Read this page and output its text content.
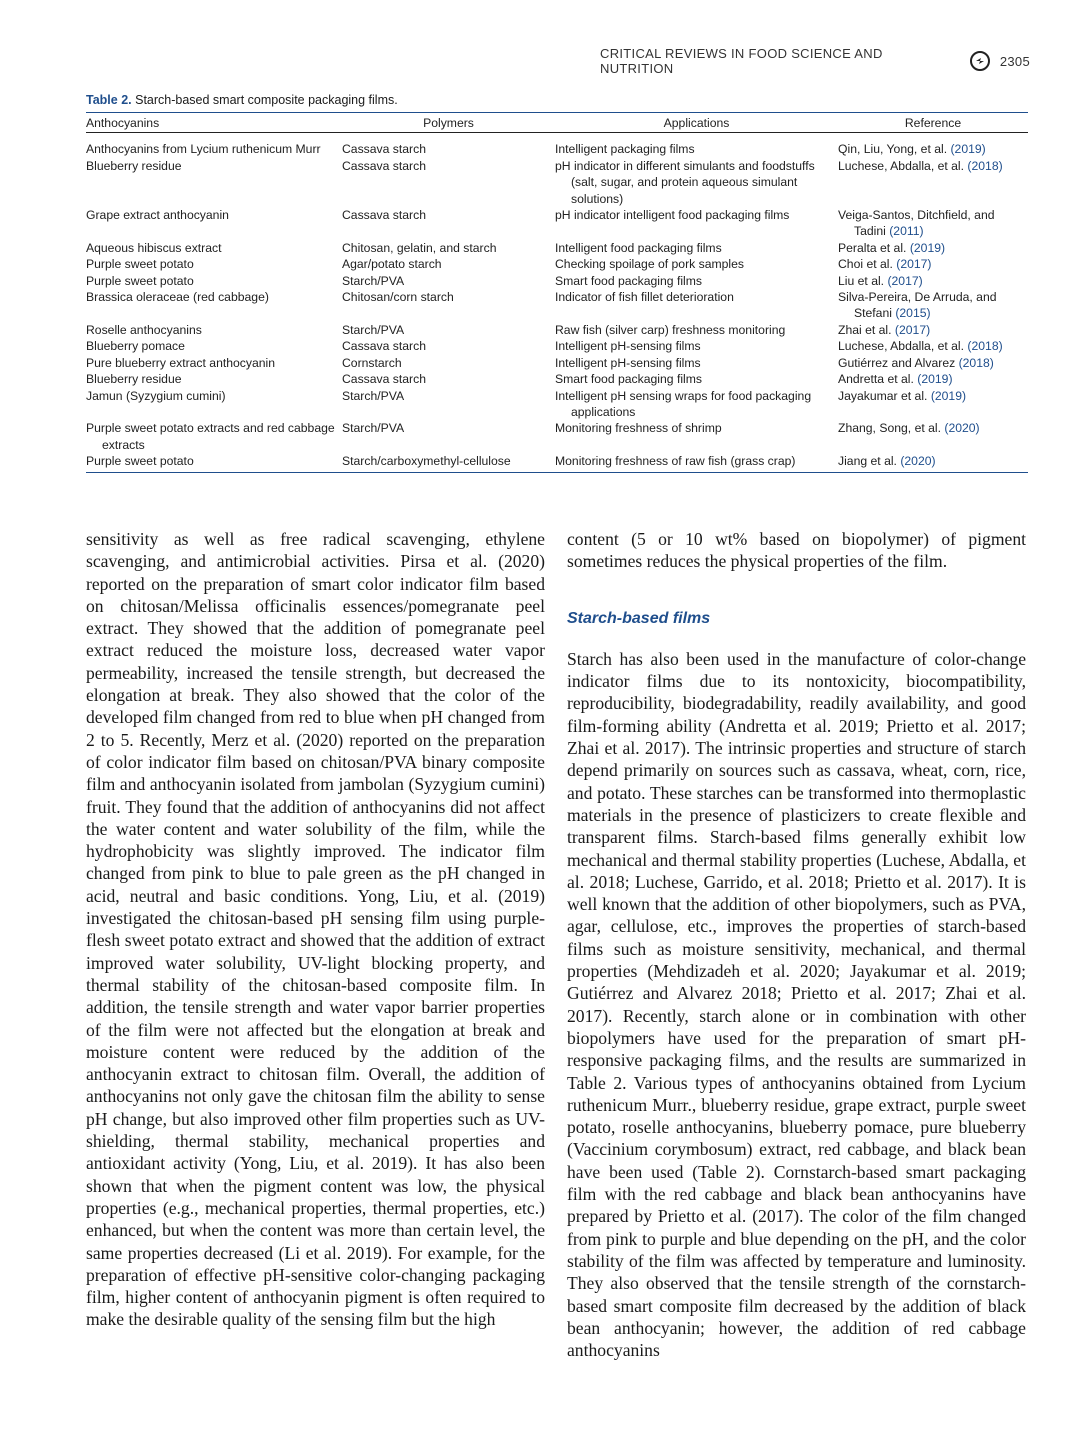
CRITICAL REVIEWS IN FOOD SCIENCE AND NUTRITION	2305
Table 2. Starch-based smart composite packaging films.
Anthocyanins	Polymers	Applications	Reference

Anthocyanins from Lycium ruthenicum Murr	Cassava starch	Intelligent packaging films	Qin, Liu, Yong, et al. (2019)

Blueberry residue	Cassava starch	pH indicator in different simulants and foodstuffs (salt, sugar, and protein aqueous simulant solutions)	Luchese, Abdalla, et al. (2018)

Grape extract anthocyanin	Cassava starch	pH indicator intelligent food packaging films	Veiga-Santos, Ditchfield, and Tadini (2011)

Aqueous hibiscus extract	Chitosan, gelatin, and starch	Intelligent food packaging films	Peralta et al. (2019)

Purple sweet potato	Agar/potato starch	Checking spoilage of pork samples	Choi et al. (2017)

Purple sweet potato	Starch/PVA	Smart food packaging films	Liu et al. (2017)

Brassica oleraceae (red cabbage)	Chitosan/corn starch	Indicator of fish fillet deterioration	Silva-Pereira, De Arruda, and Stefani (2015)

Roselle anthocyanins	Starch/PVA	Raw fish (silver carp) freshness monitoring	Zhai et al. (2017)

Blueberry pomace	Cassava starch	Intelligent pH-sensing films	Luchese, Abdalla, et al. (2018)

Pure blueberry extract anthocyanin	Cornstarch	Intelligent pH-sensing films	Gutiérrez and Alvarez (2018)

Blueberry residue	Cassava starch	Smart food packaging films	Andretta et al. (2019)

Jamun (Syzygium cumini)	Starch/PVA	Intelligent pH sensing wraps for food packaging applications	Jayakumar et al. (2019)

Purple sweet potato extracts and red cabbage extracts	Starch/PVA	Monitoring freshness of shrimp	Zhang, Song, et al. (2020)

Purple sweet potato	Starch/carboxymethyl-cellulose	Monitoring freshness of raw fish (grass crap)	Jiang et al. (2020)

sensitivity as well as free radical scavenging, ethylene scavenging, and antimicrobial activities. Pirsa et al. (2020) reported on the preparation of smart color indicator film based on chitosan/Melissa officinalis essences/pomegranate peel extract. They showed that the addition of pomegranate peel extract reduced the moisture loss, decreased water vapor permeability, increased the tensile strength, but decreased the elongation at break. They also showed that the color of the developed film changed from red to blue when pH changed from 2 to 5. Recently, Merz et al. (2020) reported on the preparation of color indicator film based on chitosan/PVA binary composite film and anthocyanin isolated from jambolan (Syzygium cumini) fruit. They found that the addition of anthocyanins did not affect the water content and water solubility of the film, while the hydrophobicity was slightly improved. The indicator film changed from pink to blue to pale green as the pH changed in acid, neutral and basic conditions. Yong, Liu, et al. (2019) investigated the chitosan-based pH sensing film using purple-flesh sweet potato extract and showed that the addition of extract improved water solubility, UV-light blocking property, and thermal stability of the chitosan-based composite film. In addition, the tensile strength and water vapor barrier properties of the film were not affected but the elongation at break and moisture content were reduced by the addition of the anthocyanin extract to chitosan film. Overall, the addition of anthocyanins not only gave the chitosan film the ability to sense pH change, but also improved other film properties such as UV-shielding, thermal stability, mechanical properties and antioxidant activity (Yong, Liu, et al. 2019). It has also been shown that when the pigment content was low, the physical properties (e.g., mechanical properties, thermal properties, etc.) enhanced, but when the content was more than certain level, the same properties decreased (Li et al. 2019). For example, for the preparation of effective pH-sensitive color-changing packaging film, higher content of anthocyanin pigment is often required to make the desirable quality of the sensing film but the high

content (5 or 10 wt% based on biopolymer) of pigment sometimes reduces the physical properties of the film.

Starch-based films

Starch has also been used in the manufacture of color-change indicator films due to its nontoxicity, biocompatibility, reproducibility, biodegradability, readily availability, and good film-forming ability (Andretta et al. 2019; Prietto et al. 2017; Zhai et al. 2017). The intrinsic properties and structure of starch depend primarily on sources such as cassava, wheat, corn, rice, and potato. These starches can be transformed into thermoplastic materials in the presence of plasticizers to create flexible and transparent films. Starch-based films generally exhibit low mechanical and thermal stability properties (Luchese, Abdalla, et al. 2018; Luchese, Garrido, et al. 2018; Prietto et al. 2017). It is well known that the addition of other biopolymers, such as PVA, agar, cellulose, etc., improves the properties of starch-based films such as moisture sensitivity, mechanical, and thermal properties (Mehdizadeh et al. 2020; Jayakumar et al. 2019; Gutiérrez and Alvarez 2018; Prietto et al. 2017; Zhai et al. 2017). Recently, starch alone or in combination with other biopolymers have used for the preparation of smart pH-responsive packaging films, and the results are summarized in Table 2. Various types of anthocyanins obtained from Lycium ruthenicum Murr., blueberry residue, grape extract, purple sweet potato, roselle anthocyanins, blueberry pomace, pure blueberry (Vaccinium corymbosum) extract, red cabbage, and black bean have been used (Table 2). Cornstarch-based smart packaging film with the red cabbage and black bean anthocyanins have prepared by Prietto et al. (2017). The color of the film changed from pink to purple and blue depending on the pH, and the color stability of the film was affected by temperature and luminosity. They also observed that the tensile strength of the cornstarch-based smart composite film decreased by the addition of black bean anthocyanin; however, the addition of red cabbage anthocyanins
